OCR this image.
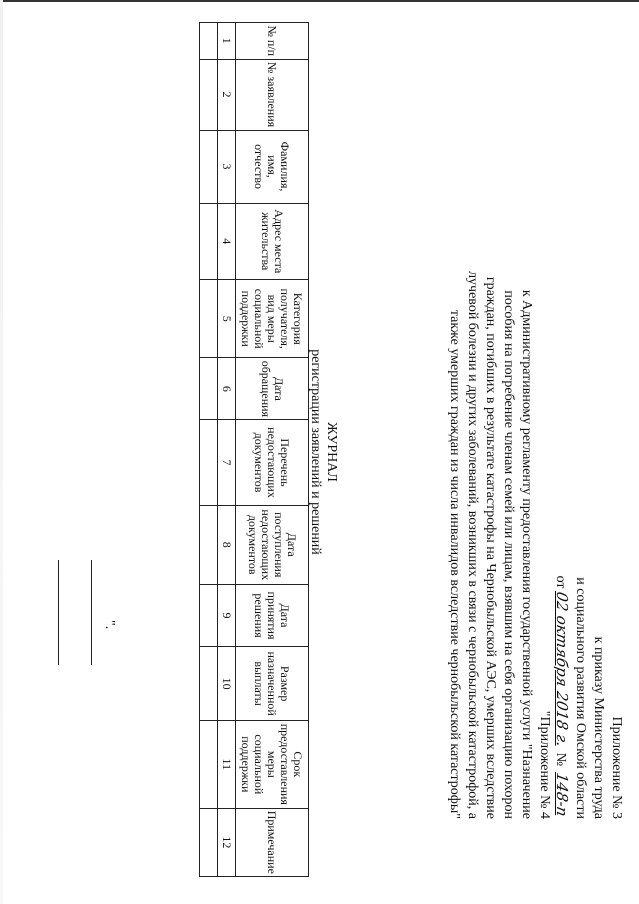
Приложение № 3
к приказу Министерства труда
и социального развития Омской области
от02 октября 2018 г. № 148-п
"Приложение № 4
к Административному регламенту предоставления государственной услуги "Назначение пособия на погребение членам семей или лицам, взявшим на себя организацию похорон граждан, погибших в результате катастрофы на Чернобыльской АЭС, умерших вследствие лучевой болезни и других заболеваний, возникших в связи с чернобыльской катастрофой, а также умерших граждан из числа инвалидов вследствие чернобыльской катастрофы"
ЖУРНАЛ
регистрации заявлений и решений
№ п/п	№ заявления	Фамилия, имя, отчество	Адрес места жительства	Категория получателя, вид меры социальной поддержки	Дата обращения	Перечень недостающих документов	Дата поступления недостающих документов	Дата принятия решения	Размер назначенной выплаты	Срок предоставления меры социальной поддержки	Примечание
1	2	3	4	5	6	7	8	9	10	11	12

".
